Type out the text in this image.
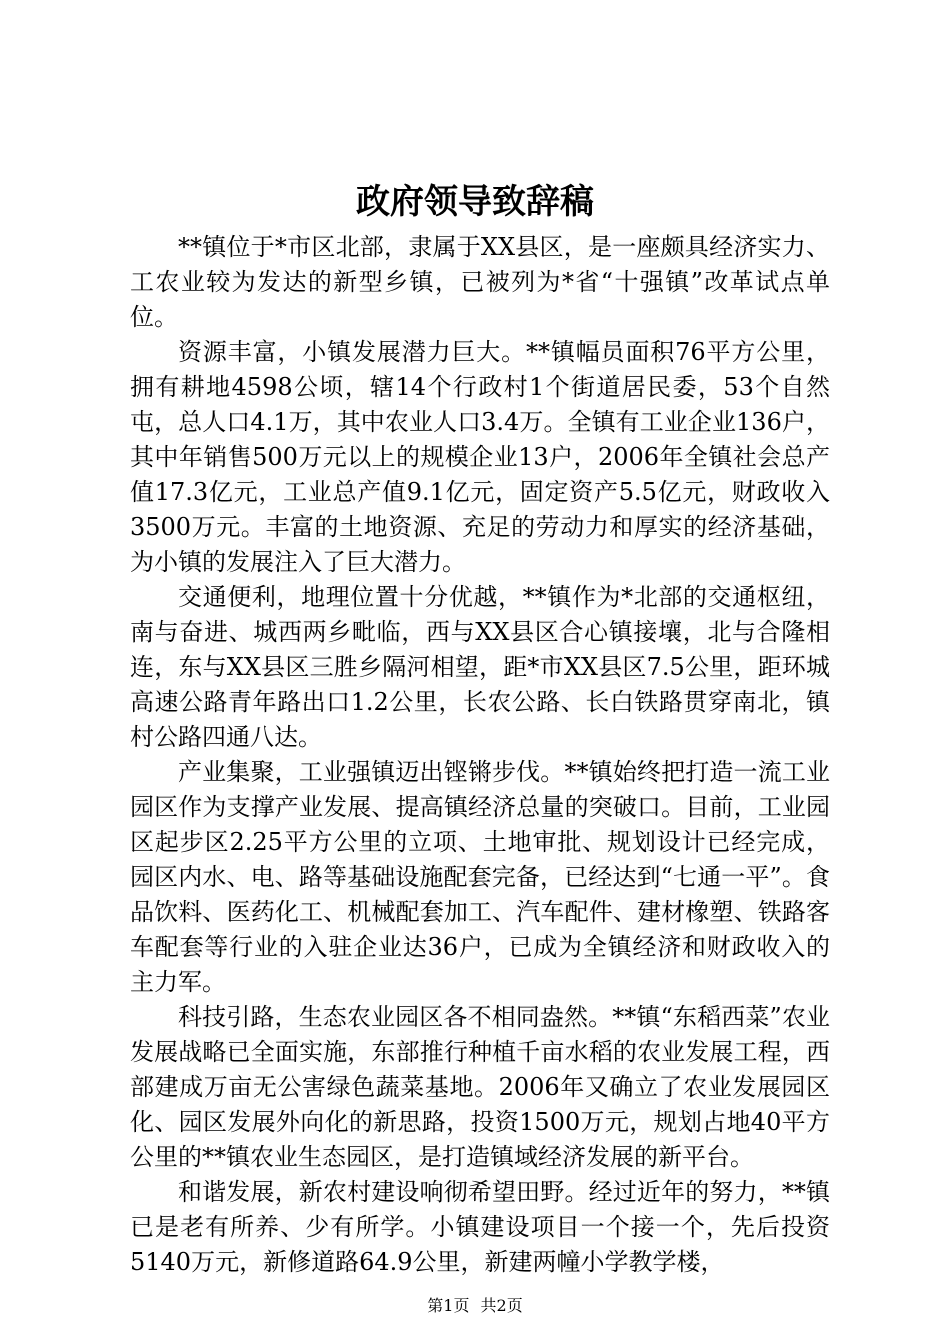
政府领导致辞稿

**镇位于*市区北部，隶属于XX县区，是一座颇具经济实力、工农业较为发达的新型乡镇，已被列为*省“十强镇”改革试点单位。

资源丰富，小镇发展潜力巨大。**镇幅员面积76平方公里，拥有耕地4598公顷，辖14个行政村1个街道居民委，53个自然屯，总人口4.1万，其中农业人口3.4万。全镇有工业企业136户，其中年销售500万元以上的规模企业13户，2006年全镇社会总产值17.3亿元，工业总产值9.1亿元，固定资产5.5亿元，财政收入3500万元。丰富的土地资源、充足的劳动力和厚实的经济基础，为小镇的发展注入了巨大潜力。

交通便利，地理位置十分优越，**镇作为*北部的交通枢纽，南与奋进、城西两乡毗临，西与XX县区合心镇接壤，北与合隆相连，东与XX县区三胜乡隔河相望，距*市XX县区7.5公里，距环城高速公路青年路出口1.2公里，长农公路、长白铁路贯穿南北，镇村公路四通八达。

产业集聚，工业强镇迈出铿锵步伐。**镇始终把打造一流工业园区作为支撑产业发展、提高镇经济总量的突破口。目前，工业园区起步区2.25平方公里的立项、土地审批、规划设计已经完成，园区内水、电、路等基础设施配套完备，已经达到“七通一平”。食品饮料、医药化工、机械配套加工、汽车配件、建材橡塑、铁路客车配套等行业的入驻企业达36户，已成为全镇经济和财政收入的主力军。

科技引路，生态农业园区各不相同盎然。**镇“东稻西菜”农业发展战略已全面实施，东部推行种植千亩水稻的农业发展工程，西部建成万亩无公害绿色蔬菜基地。2006年又确立了农业发展园区化、园区发展外向化的新思路，投资1500万元，规划占地40平方公里的**镇农业生态园区，是打造镇域经济发展的新平台。

和谐发展，新农村建设响彻希望田野。经过近年的努力，**镇已是老有所养、少有所学。小镇建设项目一个接一个，先后投资5140万元，新修道路64.9公里，新建两幢小学教学楼，

第1页 共2页
